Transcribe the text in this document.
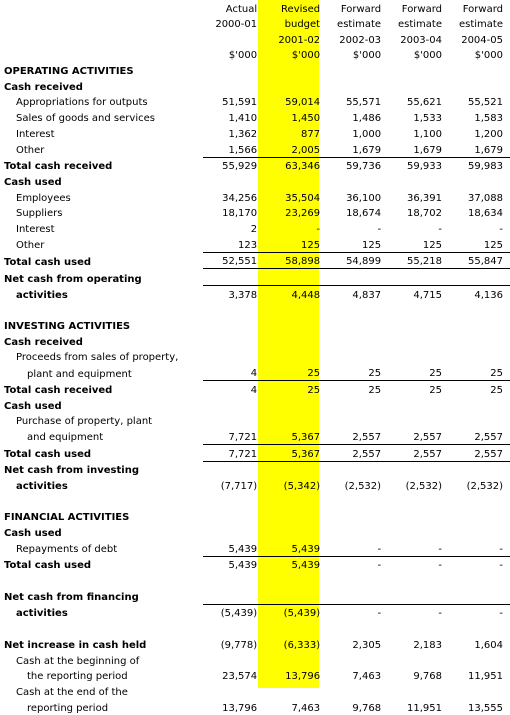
	Actual	Revised	Forward	Forward	Forward
	2000-01	budget	estimate	estimate	estimate
		2001-02	2002-03	2003-04	2004-05
	$'000	$'000	$'000	$'000	$'000
OPERATING ACTIVITIES					
Cash received					
Appropriations for outputs	51,591	59,014	55,571	55,621	55,521
Sales of goods and services	1,410	1,450	1,486	1,533	1,583
Interest	1,362	877	1,000	1,100	1,200
Other	1,566	2,005	1,679	1,679	1,679
Total cash received	55,929	63,346	59,736	59,933	59,983
Cash used					
Employees	34,256	35,504	36,100	36,391	37,088
Suppliers	18,170	23,269	18,674	18,702	18,634
Interest	2	-	-	-	-
Other	123	125	125	125	125
Total cash used	52,551	58,898	54,899	55,218	55,847
Net cash from operating					
activities	3,378	4,448	4,837	4,715	4,136

INVESTING ACTIVITIES					
Cash received					
Proceeds from sales of property,					
plant and equipment	4	25	25	25	25
Total cash received	4	25	25	25	25
Cash used					
Purchase of property, plant					
and equipment	7,721	5,367	2,557	2,557	2,557
Total cash used	7,721	5,367	2,557	2,557	2,557
Net cash from investing					
activities	(7,717)	(5,342)	(2,532)	(2,532)	(2,532)

FINANCIAL ACTIVITIES					
Cash used					
Repayments of debt	5,439	5,439	-	-	-
Total cash used	5,439	5,439	-	-	-

Net cash from financing					
activities	(5,439)	(5,439)	-	-	-

Net increase in cash held	(9,778)	(6,333)	2,305	2,183	1,604
Cash at the beginning of					
the reporting period	23,574	13,796	7,463	9,768	11,951
Cash at the end of the					
reporting period	13,796	7,463	9,768	11,951	13,555
